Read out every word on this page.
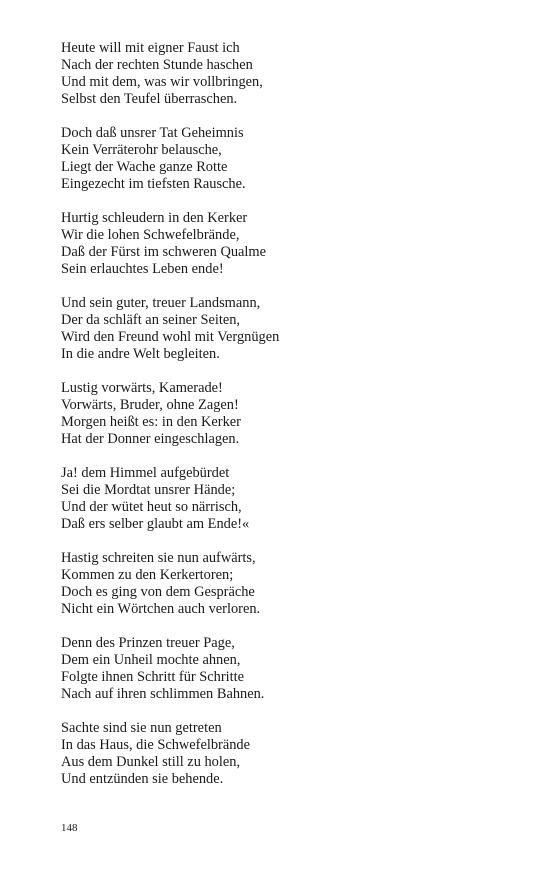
Heute will mit eigner Faust ich
Nach der rechten Stunde haschen
Und mit dem, was wir vollbringen,
Selbst den Teufel überraschen.
Doch daß unsrer Tat Geheimnis
Kein Verräterohr belausche,
Liegt der Wache ganze Rotte
Eingezecht im tiefsten Rausche.
Hurtig schleudern in den Kerker
Wir die lohen Schwefelbrände,
Daß der Fürst im schweren Qualme
Sein erlauchtes Leben ende!
Und sein guter, treuer Landsmann,
Der da schläft an seiner Seiten,
Wird den Freund wohl mit Vergnügen
In die andre Welt begleiten.
Lustig vorwärts, Kamerade!
Vorwärts, Bruder, ohne Zagen!
Morgen heißt es: in den Kerker
Hat der Donner eingeschlagen.
Ja! dem Himmel aufgebürdet
Sei die Mordtat unsrer Hände;
Und der wütet heut so närrisch,
Daß ers selber glaubt am Ende!«
Hastig schreiten sie nun aufwärts,
Kommen zu den Kerkertoren;
Doch es ging von dem Gespräche
Nicht ein Wörtchen auch verloren.
Denn des Prinzen treuer Page,
Dem ein Unheil mochte ahnen,
Folgte ihnen Schritt für Schritte
Nach auf ihren schlimmen Bahnen.
Sachte sind sie nun getreten
In das Haus, die Schwefelbrände
Aus dem Dunkel still zu holen,
Und entzünden sie behende.
148
